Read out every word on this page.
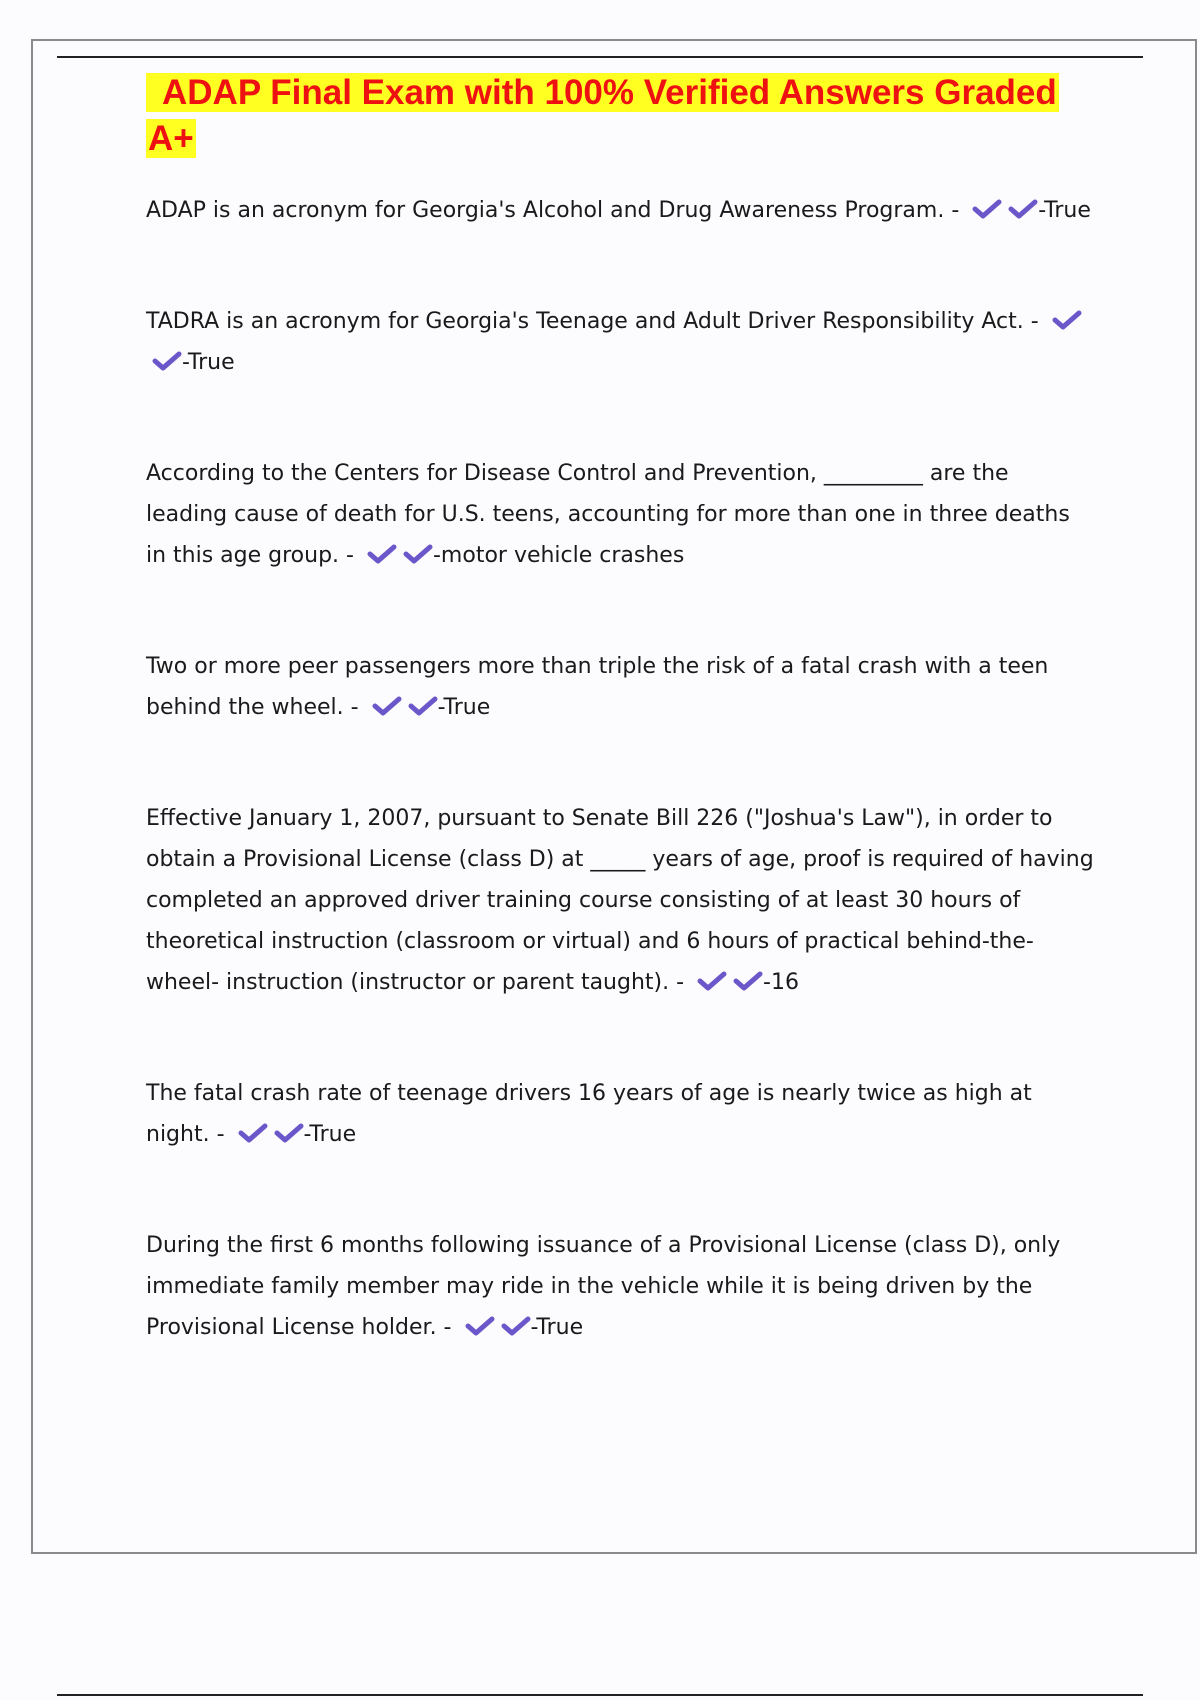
ADAP Final Exam with 100% Verified Answers Graded A+

ADAP is an acronym for Georgia's Alcohol and Drug Awareness Program. -	-True

TADRA is an acronym for Georgia's Teenage and Adult Driver Responsibility Act. -
-True

According to the Centers for Disease Control and Prevention, _________ are the leading cause of death for U.S. teens, accounting for more than one in three deaths in this age group. -	-motor vehicle crashes

Two or more peer passengers more than triple the risk of a fatal crash with a teen behind the wheel. -	-True

Effective January 1, 2007, pursuant to Senate Bill 226 ("Joshua's Law"), in order to obtain a Provisional License (class D) at _____ years of age, proof is required of having completed an approved driver training course consisting of at least 30 hours of theoretical instruction (classroom or virtual) and 6 hours of practical behind-the-wheel- instruction (instructor or parent taught). -	-16

The fatal crash rate of teenage drivers 16 years of age is nearly twice as high at night. -	-True

During the first 6 months following issuance of a Provisional License (class D), only immediate family member may ride in the vehicle while it is being driven by the Provisional License holder. -	-True
